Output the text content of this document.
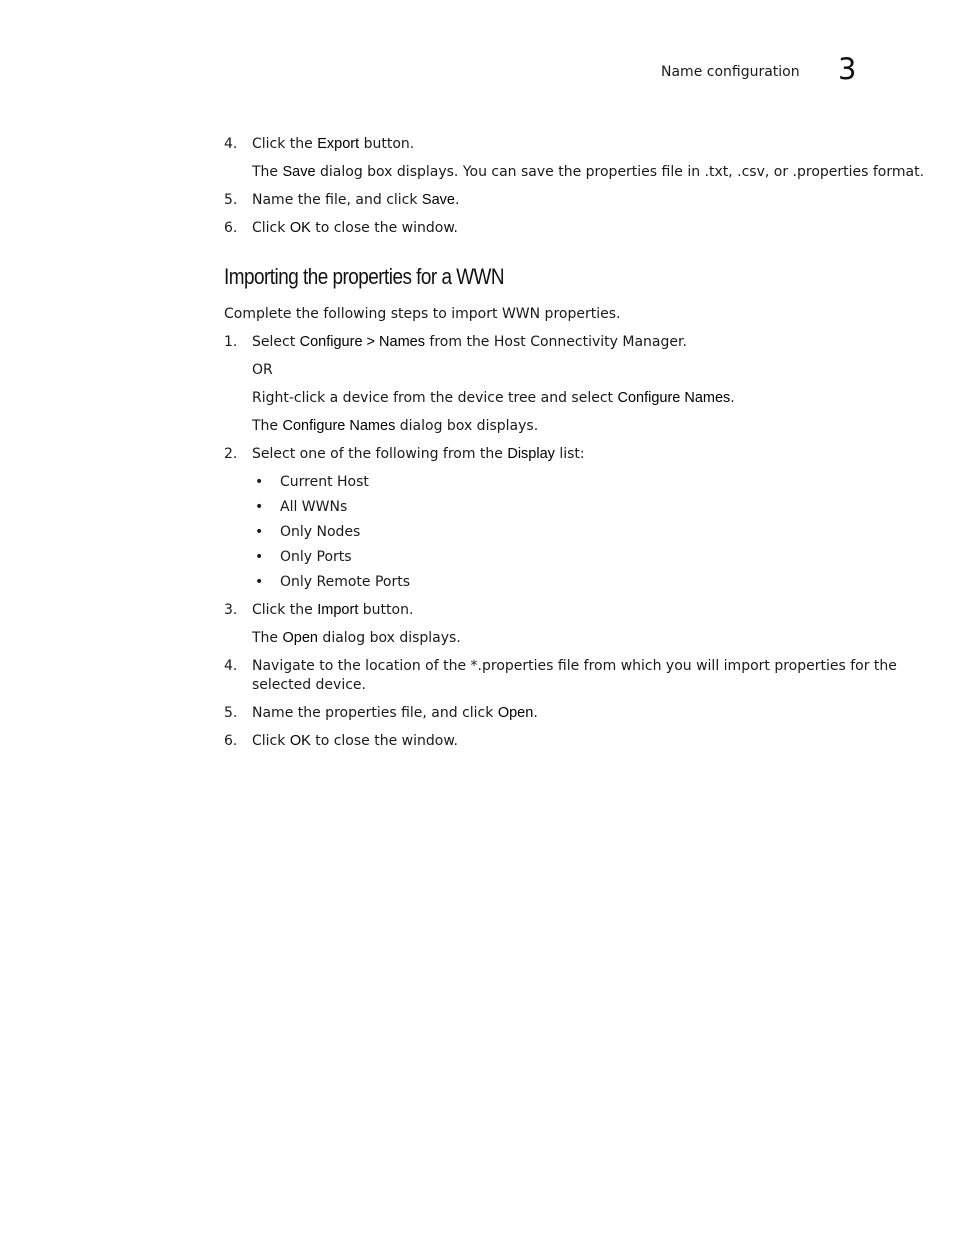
Name configuration 3
4. Click the Export button.
The Save dialog box displays. You can save the properties file in .txt, .csv, or .properties format.
5. Name the file, and click Save.
6. Click OK to close the window.
Importing the properties for a WWN
Complete the following steps to import WWN properties.
1. Select Configure > Names from the Host Connectivity Manager.
OR
Right-click a device from the device tree and select Configure Names.
The Configure Names dialog box displays.
2. Select one of the following from the Display list:
• Current Host
• All WWNs
• Only Nodes
• Only Ports
• Only Remote Ports
3. Click the Import button.
The Open dialog box displays.
4. Navigate to the location of the *.properties file from which you will import properties for the
selected device.
5. Name the properties file, and click Open.
6. Click OK to close the window.
